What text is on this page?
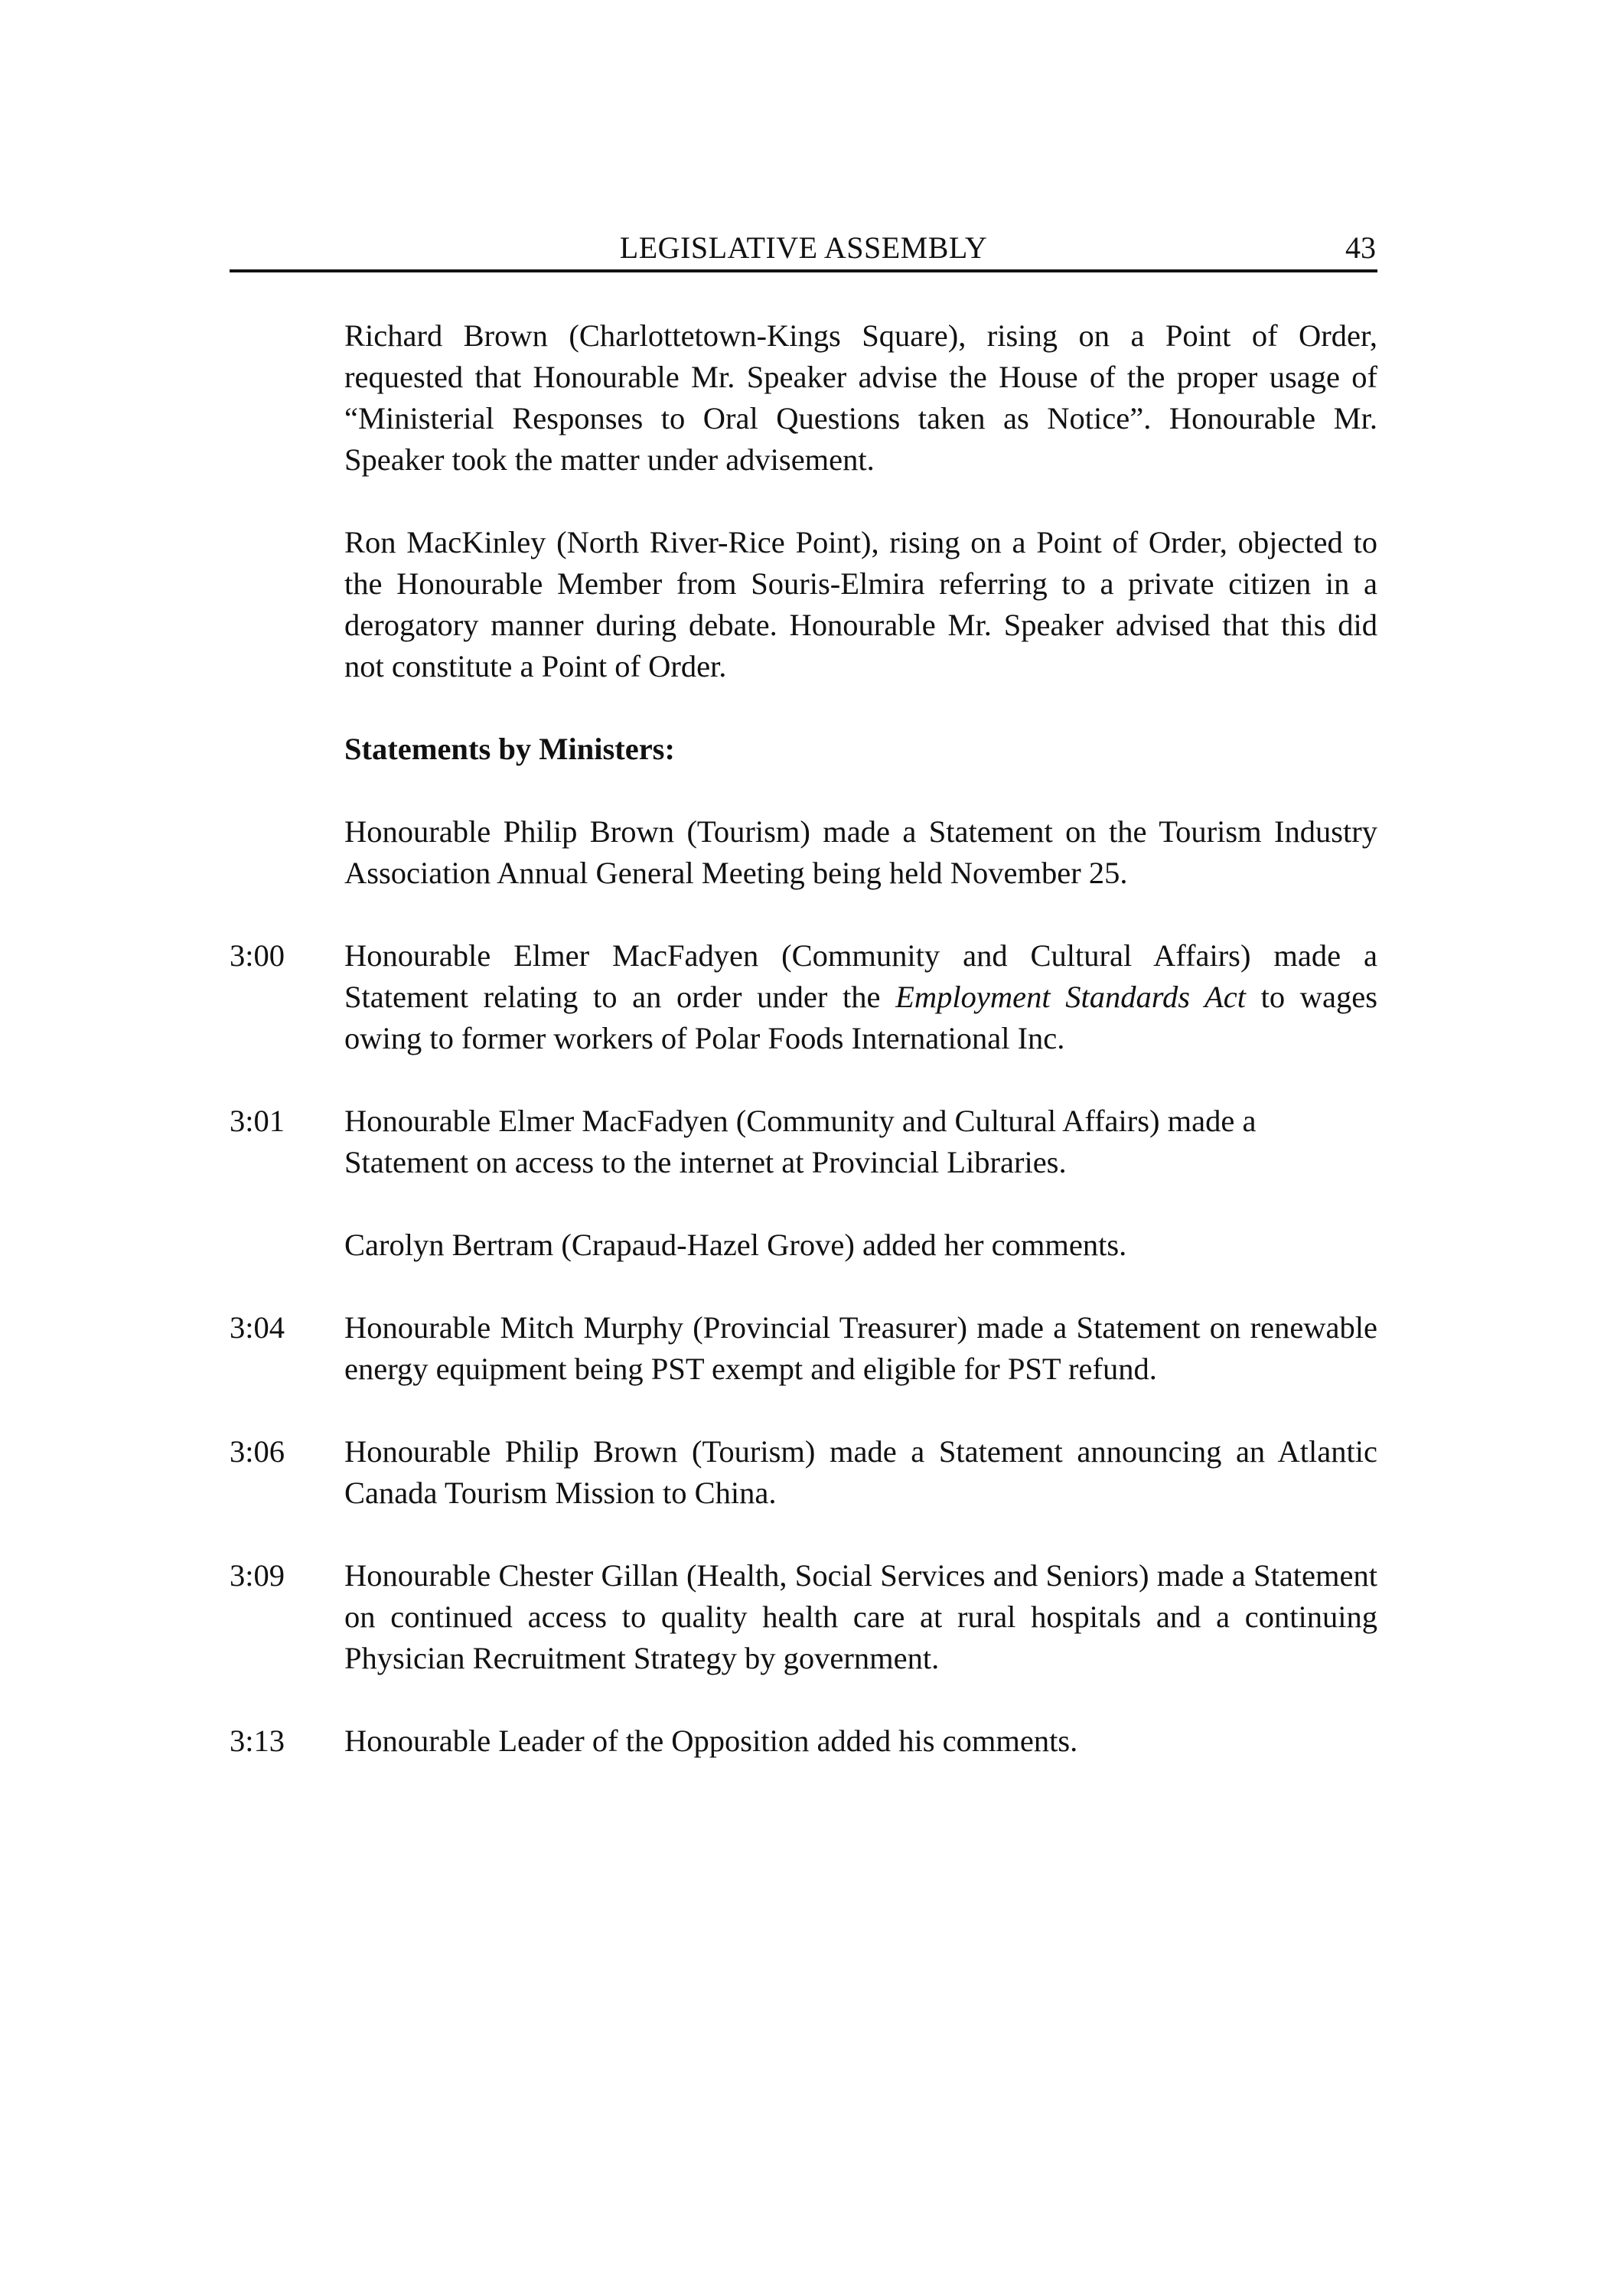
LEGISLATIVE ASSEMBLY	43

Richard Brown (Charlottetown-Kings Square), rising on a Point of Order, requested that Honourable Mr. Speaker advise the House of the proper usage of “Ministerial Responses to Oral Questions taken as Notice”. Honourable Mr. Speaker took the matter under advisement.

Ron MacKinley (North River-Rice Point), rising on a Point of Order, objected to the Honourable Member from Souris-Elmira referring to a private citizen in a derogatory manner during debate. Honourable Mr. Speaker advised that this did not constitute a Point of Order.

Statements by Ministers:

Honourable Philip Brown (Tourism) made a Statement on the Tourism Industry Association Annual General Meeting being held November 25.

3:00	Honourable Elmer MacFadyen (Community and Cultural Affairs) made a Statement relating to an order under the Employment Standards Act to wages owing to former workers of Polar Foods International Inc.

3:01	Honourable Elmer MacFadyen (Community and Cultural Affairs) made a Statement on access to the internet at Provincial Libraries.

Carolyn Bertram (Crapaud-Hazel Grove) added her comments.

3:04	Honourable Mitch Murphy (Provincial Treasurer) made a Statement on renewable energy equipment being PST exempt and eligible for PST refund.

3:06	Honourable Philip Brown (Tourism) made a Statement announcing an Atlantic Canada Tourism Mission to China.

3:09	Honourable Chester Gillan (Health, Social Services and Seniors) made a Statement on continued access to quality health care at rural hospitals and a continuing Physician Recruitment Strategy by government.

3:13	Honourable Leader of the Opposition added his comments.
